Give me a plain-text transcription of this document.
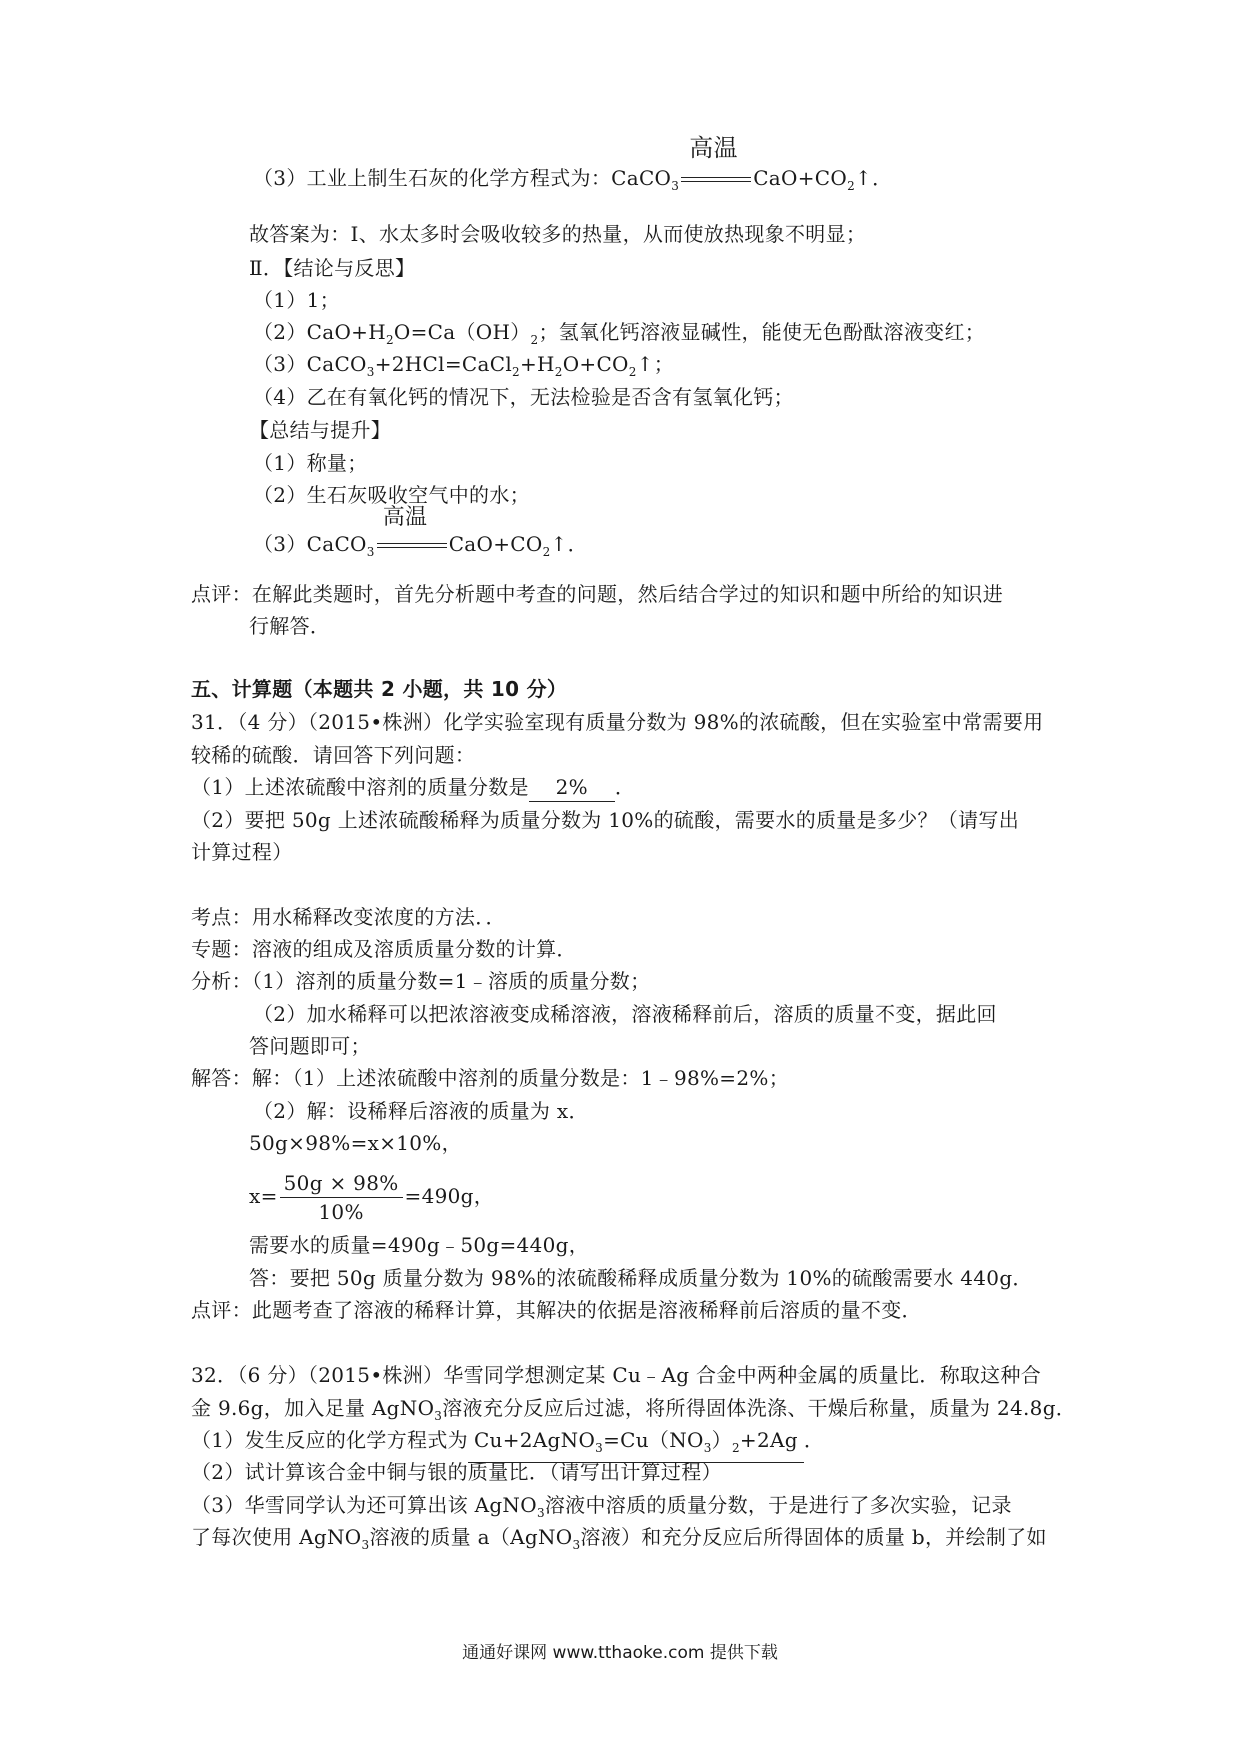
（3）工业上制生石灰的化学方程式为：CaCO$_3$
高温
$CaO+CO_2↑$．
故答案为：Ⅰ、水太多时会吸收较多的热量，从而使放热现象不明显；
Ⅱ．【结论与反思】
（1）1；
$(2)CaO+H_2O=Ca(OH)_2$；氢氧化钙溶液显碱性，能使无色酚酞溶液变红；
$(3)CaCO_3+2HCl=CaCl_2+H_2O+CO_2↑$；
（4）乙在有氧化钙的情况下，无法检验是否含有氢氧化钙；
【总结与提升】
（1）称量；
（2）生石灰吸收空气中的水；
（3）CaCO$_3$
高温
$CaO+CO_2↑$．
点评：在解此类题时，首先分析题中考查的问题，然后结合学过的知识和题中所给的知识进
行解答．
五、计算题（本题共 2 小题，共 10 分）
31．（4 分）（2015•株洲）化学实验室现有质量分数为 98%的浓硫酸，但在实验室中常需要用
较稀的硫酸．请回答下列问题：
（1）上述浓硫酸中溶剂的质量分数是 2% ．
（2）要把 50g 上述浓硫酸稀释为质量分数为 10%的硫酸，需要水的质量是多少？（请写出
计算过程）
考点：用水稀释改变浓度的方法．．
专题：溶液的组成及溶质质量分数的计算．
分析：（1）溶剂的质量分数=1﹣溶质的质量分数；
（2）加水稀释可以把浓溶液变成稀溶液，溶液稀释前后，溶质的质量不变，据此回
答问题即可；
解答：解：（1）上述浓硫酸中溶剂的质量分数是：1﹣98%=2%；
（2）解：设稀释后溶液的质量为 x．
50g×98%=x×10%，
$x= \frac{50g \times 98\%}{10\%} =490g$，
需要水的质量=490g﹣50g=440g，
答：要把 50g 质量分数为 98%的浓硫酸稀释成质量分数为 10%的硫酸需要水 440g．
点评：此题考查了溶液的稀释计算，其解决的依据是溶液稀释前后溶质的量不变．
32．（6 分）（2015•株洲）华雪同学想测定某 Cu﹣Ag 合金中两种金属的质量比．称取这种合
金 9.6g，加入足量 AgNO$_3$溶液充分反应后过滤，将所得固体洗涤、干燥后称量，质量为 24.8g．
（1）发生反应的化学方程式为 $Cu+2AgNO_3=Cu(NO_3)_2+2Ag$ ．
（2）试计算该合金中铜与银的质量比．（请写出计算过程）
（3）华雪同学认为还可算出该 AgNO$_3$溶液中溶质的质量分数，于是进行了多次实验，记录
了每次使用 AgNO$_3$溶液的质量 a（AgNO$_3$溶液）和充分反应后所得固体的质量 b，并绘制了如
通通好课网 www.tthaoke.com 提供下载
